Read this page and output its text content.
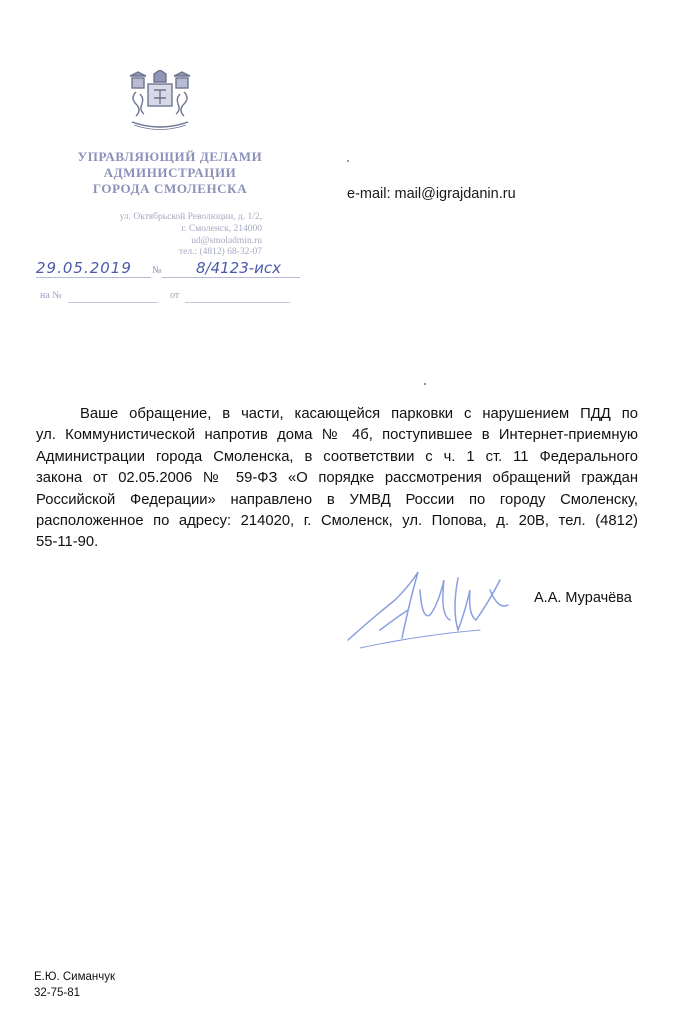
УПРАВЛЯЮЩИЙ ДЕЛАМИ
АДМИНИСТРАЦИИ
ГОРОДА СМОЛЕНСКА
ул. Октябрьской Революции, д. 1/2,
г. Смоленск, 214000
ud@smoladmin.ru
тел.: (4812) 68-32-07
29.05.2019 № 8/4123-исх
на №	от
e-mail: mail@igrajdanin.ru
Ваше обращение, в части, касающейся парковки с нарушением ПДД по
ул. Коммунистической напротив дома № 4б, поступившее в Интернет-приемную
Администрации города Смоленска, в соответствии с ч. 1 ст. 11 Федерального
закона от 02.05.2006 № 59-ФЗ «О порядке рассмотрения обращений граждан
Российской Федерации» направлено в УМВД России по городу Смоленску,
расположенное по адресу: 214020, г. Смоленск, ул. Попова, д. 20В, тел. (4812)
55-11-90.
А.А. Мурачёва
Е.Ю. Симанчук
32-75-81
